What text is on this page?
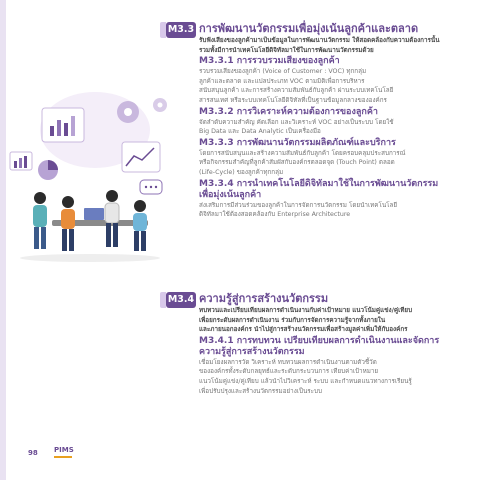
M3.3 การพัฒนานวัตกรรมเพื่อมุ่งเน้นลูกค้าและตลาด

รับฟังเสียงของลูกค้ามาเป็นข้อมูลในการพัฒนานวัตกรรม ให้สอดคล้องกับความต้องการนั้น

รวมทั้งมีการนำเทคโนโลยีดิจิทัลมาใช้ในการพัฒนานวัตกรรมด้วย

M3.3.1 การรวบรวมเสียงของลูกค้า

รวบรวมเสียงของลูกค้า (Voice of Customer : VOC) ทุกกลุ่ม

ลูกค้าและตลาด และแปลประเภท VOC ตามมิติเพื่อการบริหาร

สนับสนุนลูกค้า และการสร้างความสัมพันธ์กับลูกค้า ผ่านระบบเทคโนโลยี

สารสนเทศ หรือระบบเทคโนโลยีดิจิทัลที่เป็นฐานข้อมูลกลางขององค์กร

M3.3.2 การวิเคราะห์ความต้องการของลูกค้า

จัดลำดับความสำคัญ คัดเลือก และวิเคราะห์ VOC อย่างเป็นระบบ โดยใช้

Big Data และ Data Analytic เป็นเครื่องมือ

M3.3.3 การพัฒนานวัตกรรมผลิตภัณฑ์และบริการ

โดยการสนับสนุนและสร้างความสัมพันธ์กับลูกค้า โดยครอบคลุมประสบการณ์

หรือกิจกรรมสำคัญที่ลูกค้าสัมผัสกับองค์กรตลอดจุด (Touch Point) ตลอด

(Life-Cycle) ของลูกค้าทุกกลุ่ม

M3.3.4 การนำเทคโนโลยีดิจิทัลมาใช้ในการพัฒนานวัตกรรม

เพื่อมุ่งเน้นลูกค้า

ส่งเสริมการมีส่วนร่วมของลูกค้าในการจัดการนวัตกรรม โดยนำเทคโนโลยี

ดิจิทัลมาใช้ต้องสอดคล้องกับ Enterprise Architecture

M3.4 ความรู้สู่การสร้างนวัตกรรม

ทบทวนและเปรียบเทียบผลการดำเนินงานกับค่าเป้าหมาย แนวโน้มคู่แข่ง/คู่เทียบ

เพื่อยกระดับผลการดำเนินงาน ร่วมกับการจัดการความรู้จากทั้งภายใน

และภายนอกองค์กร นำไปสู่การสร้างนวัตกรรมเพื่อสร้างมูลค่าเพิ่มให้กับองค์กร

M3.4.1 การทบทวน เปรียบเทียบผลการดำเนินงานและจัดการ

ความรู้สู่การสร้างนวัตกรรม

เชื่อมโยงผลการวัด วิเคราะห์ ทบทวนผลการดำเนินงานตามตัวชี้วัด

ขององค์กรทั้งระดับกลยุทธ์และระดับกระบวนการ เทียบค่าเป้าหมาย

แนวโน้มคู่แข่ง/คู่เทียบ แล้วนำไปวิเคราะห์ ระบบ และกำหนดแนวทางการเรียนรู้

เพื่อปรับปรุงและสร้างนวัตกรรมอย่างเป็นระบบ

98 PIMS
